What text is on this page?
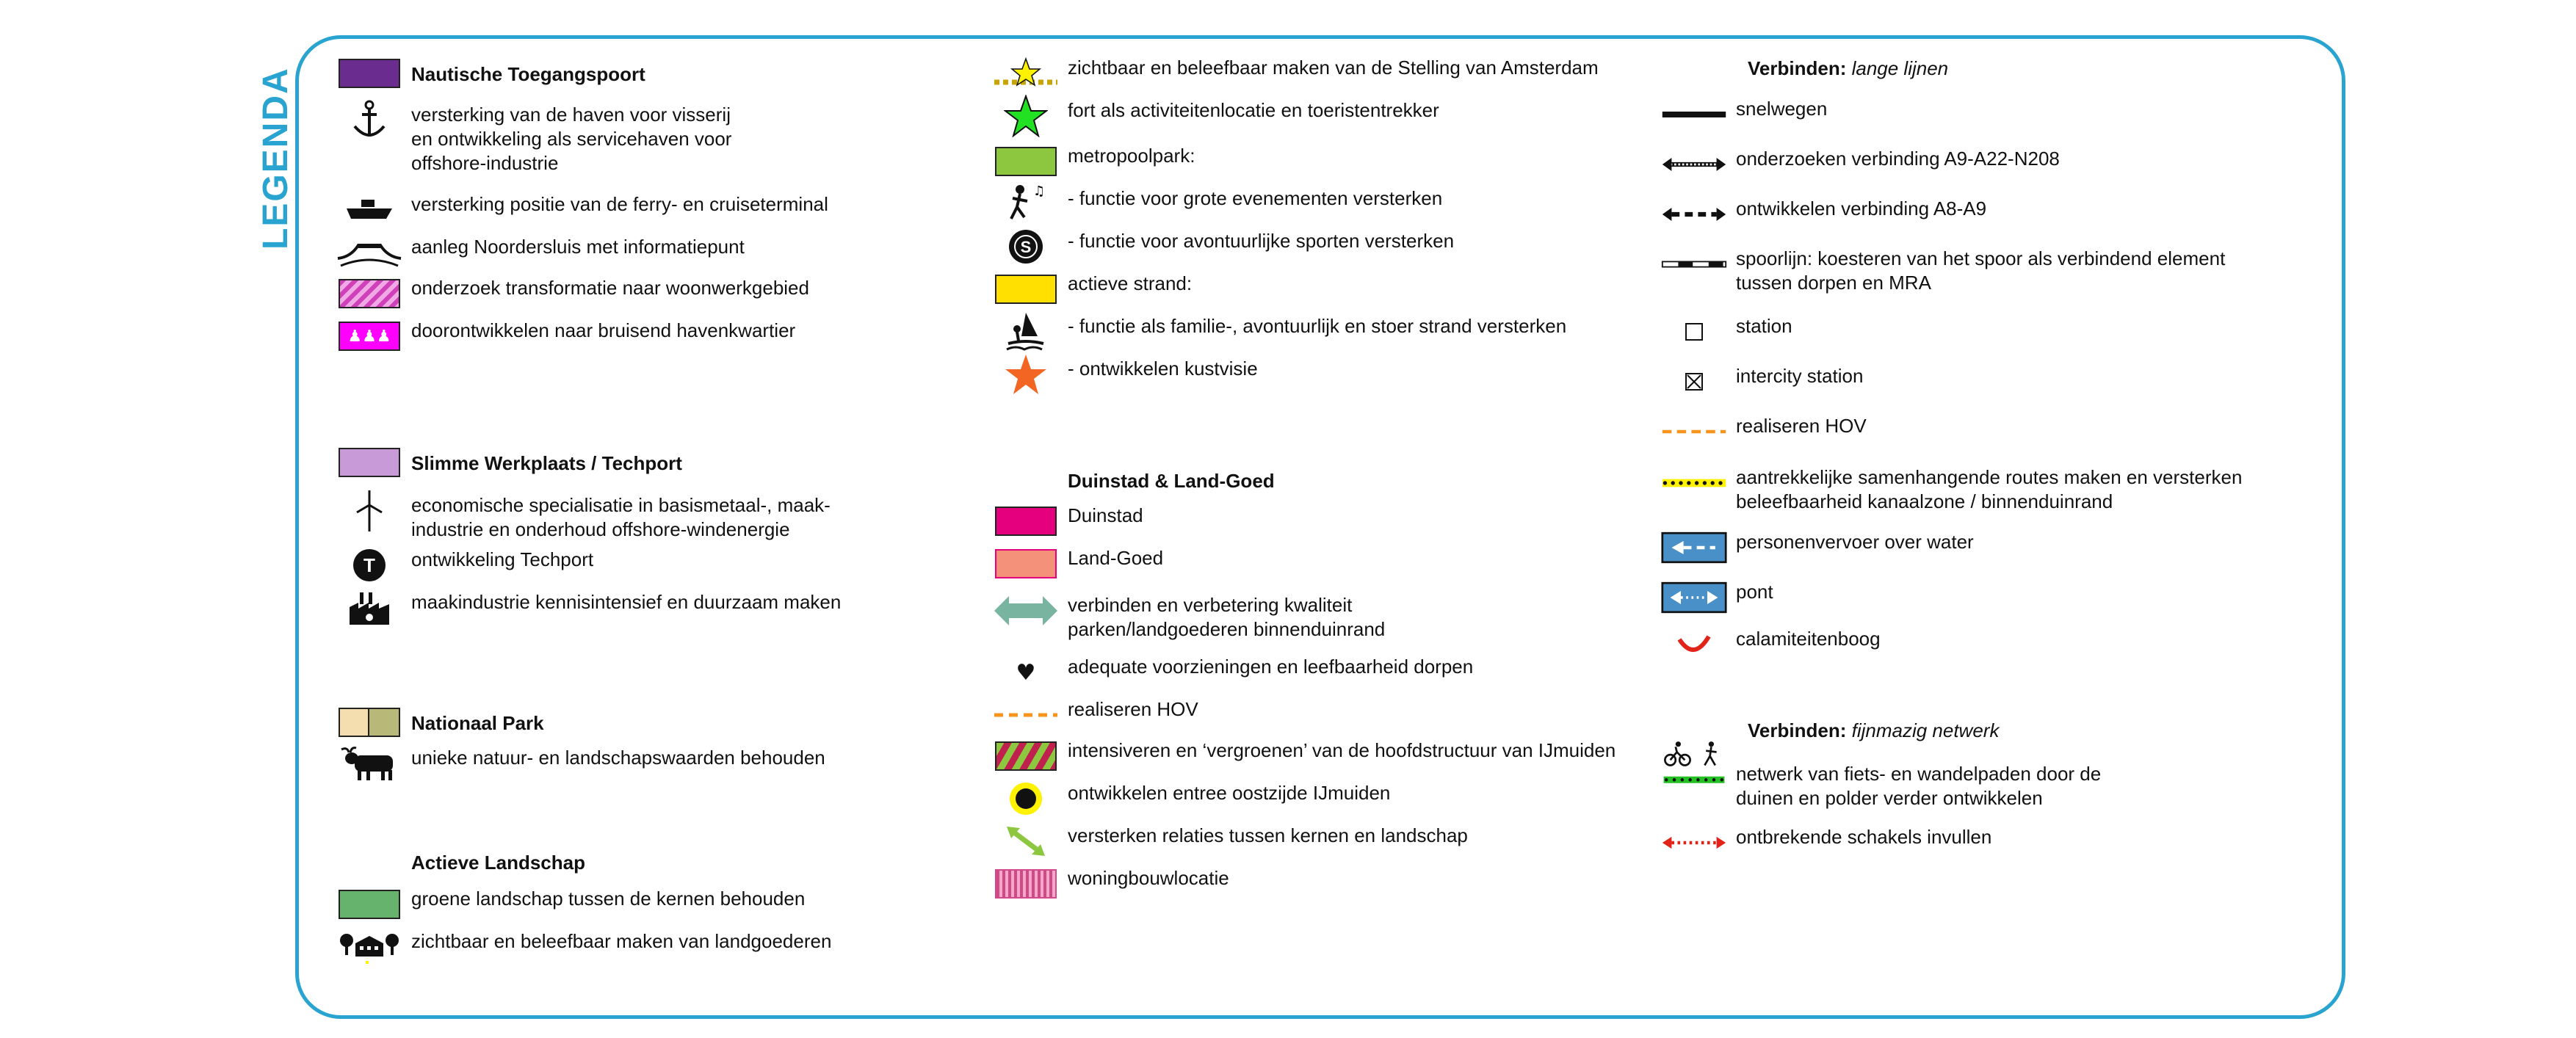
LEGENDA	Nautische Toegangspoort
versterking van de haven voor visserij
en ontwikkeling als servicehaven voor
offshore-industrie
versterking positie van de ferry- en cruiseterminal
aanleg Noordersluis met informatiepunt
onderzoek transformatie naar woonwerkgebied
♟♟♟	doorontwikkelen naar bruisend havenkwartier
Slimme Werkplaats / Techport
economische specialisatie in basismetaal-, maak-
industrie en onderhoud offshore-windenergie
T ontwikkeling Techport
maakindustrie kennisintensief en duurzaam maken
Nationaal Park
unieke natuur- en landschapswaarden behouden
Actieve Landschap
groene landschap tussen de kernen behouden
zichtbaar en beleefbaar maken van landgoederen
zichtbaar en beleefbaar maken van de Stelling van Amsterdam
fort als activiteitenlocatie en toeristentrekker
metropoolpark:
♫ - functie voor grote evenementen versterken
S - functie voor avontuurlijke sporten versterken
actieve strand:
- functie als familie-, avontuurlijk en stoer strand versterken
- ontwikkelen kustvisie
Duinstad & Land-Goed
Duinstad
Land-Goed
verbinden en verbetering kwaliteit
parken/landgoederen binnenduinrand
♥ adequate voorzieningen en leefbaarheid dorpen
realiseren HOV
intensiveren en ‘vergroenen’ van de hoofdstructuur van IJmuiden
ontwikkelen entree oostzijde IJmuiden
versterken relaties tussen kernen en landschap
woningbouwlocatie
Verbinden: lange lijnen
snelwegen
onderzoeken verbinding A9-A22-N208
ontwikkelen verbinding A8-A9
spoorlijn: koesteren van het spoor als verbindend element
tussen dorpen en MRA
station
intercity station
realiseren HOV
aantrekkelijke samenhangende routes maken en versterken
beleefbaarheid kanaalzone / binnenduinrand
personenvervoer over water
pont
calamiteitenboog
Verbinden: fijnmazig netwerk
netwerk van fiets- en wandelpaden door de
duinen en polder verder ontwikkelen
ontbrekende schakels invullen
